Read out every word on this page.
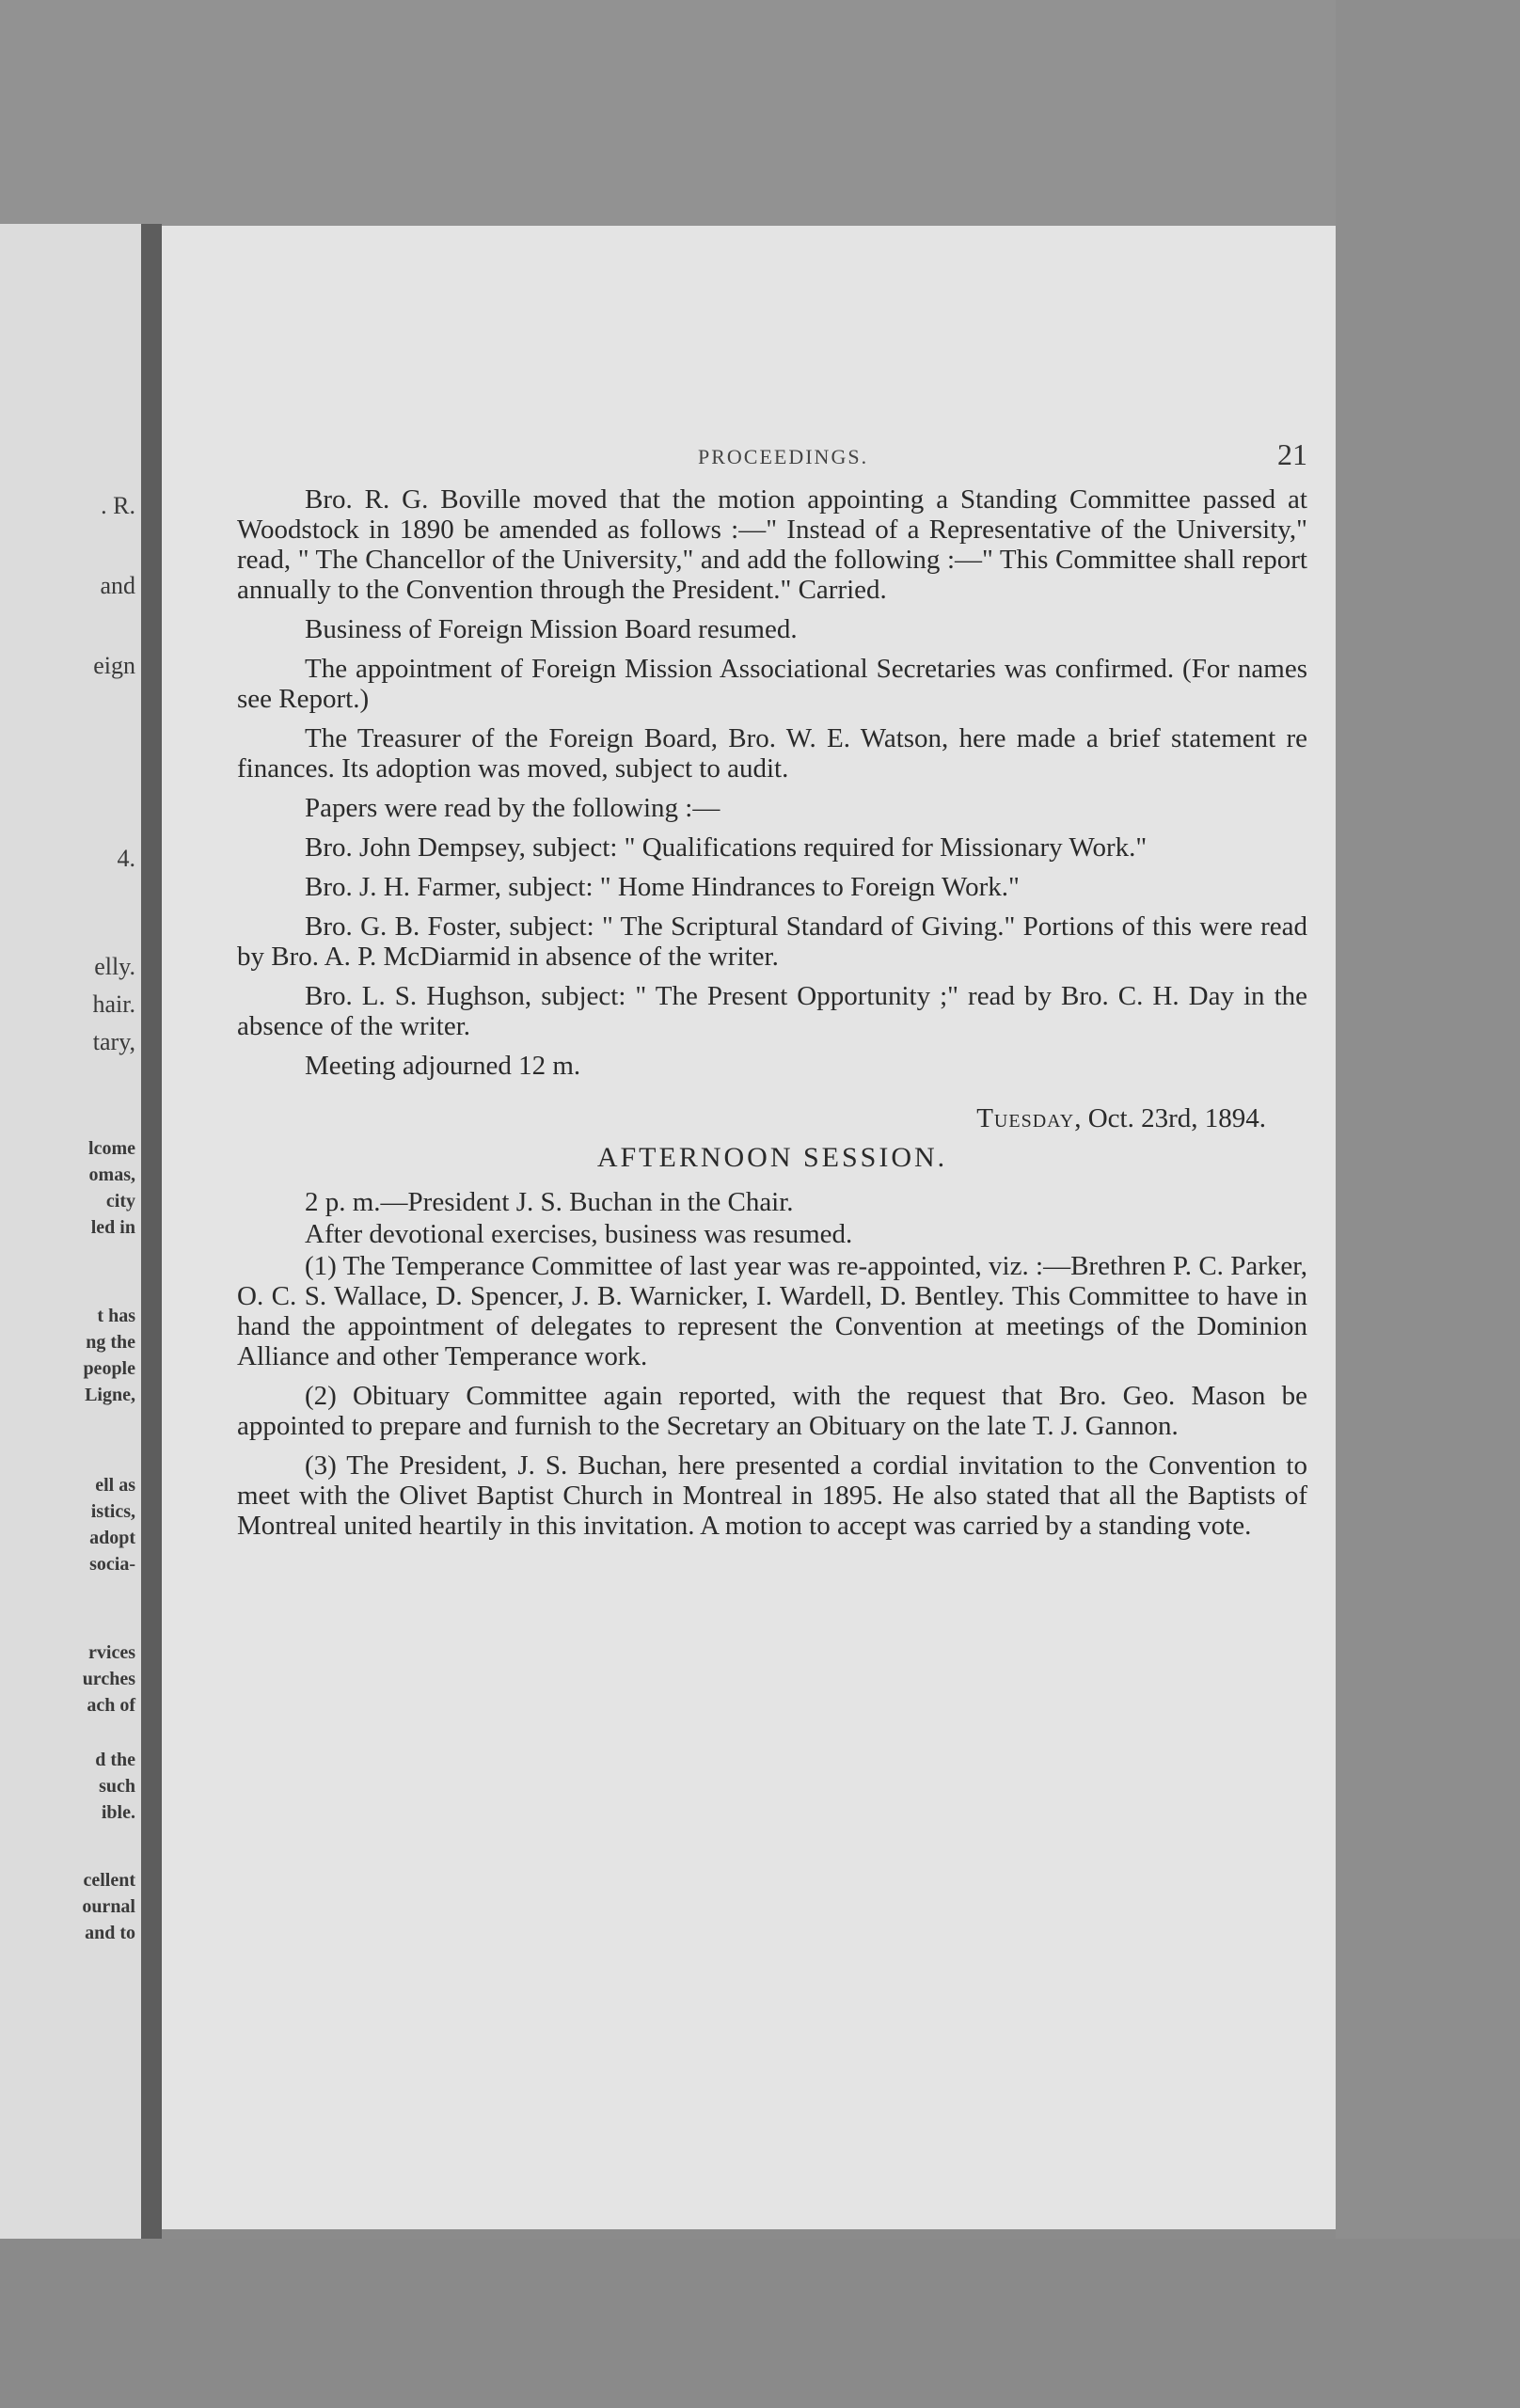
. R.
and
eign
4.
elly.
hair.
tary,
lcome
omas,
city
led in
t has
ng the
people
Ligne,
ell as
istics,
adopt
socia-
rvices
urches
ach of
d the
such
ible.
cellent
ournal
and to
PROCEEDINGS.	21

Bro. R. G. Boville moved that the motion appointing a Standing Committee passed at Woodstock in 1890 be amended as follows :—" Instead of a Representative of the University," read, " The Chancellor of the University," and add the following :—" This Committee shall report annually to the Convention through the President." Carried.

Business of Foreign Mission Board resumed.

The appointment of Foreign Mission Associational Secretaries was confirmed. (For names see Report.)

The Treasurer of the Foreign Board, Bro. W. E. Watson, here made a brief statement re finances. Its adoption was moved, subject to audit.

Papers were read by the following :—

Bro. John Dempsey, subject: " Qualifications required for Missionary Work."

Bro. J. H. Farmer, subject: " Home Hindrances to Foreign Work."

Bro. G. B. Foster, subject: " The Scriptural Standard of Giving." Portions of this were read by Bro. A. P. McDiarmid in absence of the writer.

Bro. L. S. Hughson, subject: " The Present Opportunity ;" read by Bro. C. H. Day in the absence of the writer.

Meeting adjourned 12 m.

Tuesday, Oct. 23rd, 1894.
AFTERNOON SESSION.

2 p. m.—President J. S. Buchan in the Chair.

After devotional exercises, business was resumed.

(1) The Temperance Committee of last year was re-appointed, viz. :—Brethren P. C. Parker, O. C. S. Wallace, D. Spencer, J. B. Warnicker, I. Wardell, D. Bentley. This Committee to have in hand the appointment of delegates to represent the Convention at meetings of the Dominion Alliance and other Temperance work.

(2) Obituary Committee again reported, with the request that Bro. Geo. Mason be appointed to prepare and furnish to the Secretary an Obituary on the late T. J. Gannon.

(3) The President, J. S. Buchan, here presented a cordial invitation to the Convention to meet with the Olivet Baptist Church in Montreal in 1895. He also stated that all the Baptists of Montreal united heartily in this invitation. A motion to accept was carried by a standing vote.
